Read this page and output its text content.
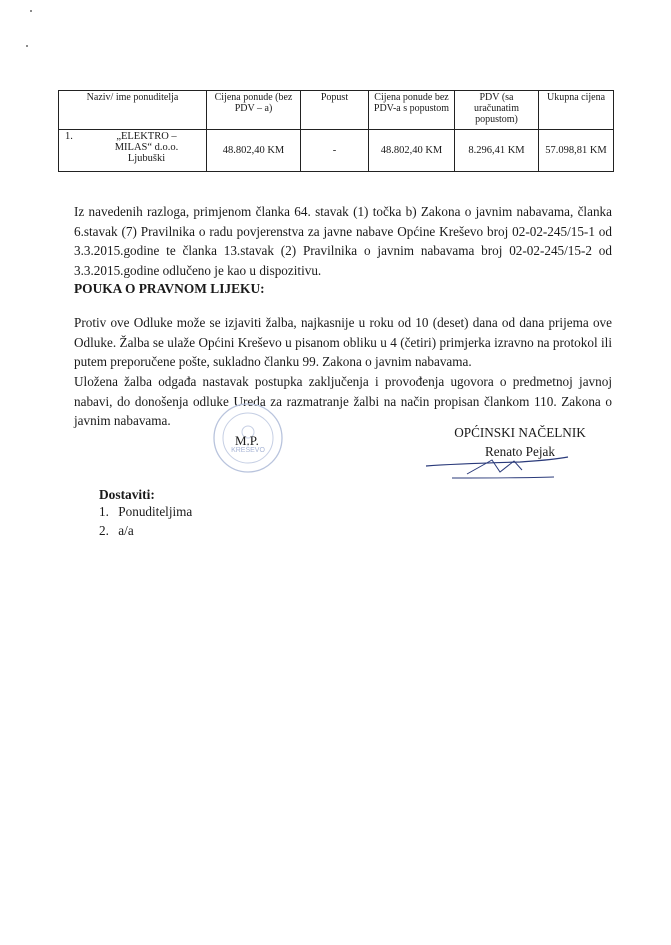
Naziv/ ime ponuditelja	Cijena ponude (bez PDV – a)	Popust	Cijena ponude bez PDV-a s popustom	PDV (sa uračunatim popustom)	Ukupna cijena

1. „ELEKTRO – MILAS“ d.o.o. Ljubuški	48.802,40 KM	-	48.802,40 KM	8.296,41 KM	57.098,81 KM

Iz navedenih razloga, primjenom članka 64. stavak (1) točka b) Zakona o javnim nabavama, članka 6.stavak (7) Pravilnika o radu povjerenstva za javne nabave Općine Kreševo broj 02-02-245/15-1 od 3.3.2015.godine te članka 13.stavak (2) Pravilnika o javnim nabavama broj 02-02-245/15-2 od 3.3.2015.godine odlučeno je kao u dispozitivu.

POUKA O PRAVNOM LIJEKU:

Protiv ove Odluke može se izjaviti žalba, najkasnije u roku od 10 (deset) dana od dana prijema ove Odluke. Žalba se ulaže Općini Kreševo u pisanom obliku u 4 (četiri) primjerka izravno na protokol ili putem preporučene pošte, sukladno članku 99. Zakona o javnim nabavama.

Uložena žalba odgađa nastavak postupka zaključenja i provođenja ugovora o predmetnoj javnoj nabavi, do donošenja odluke Ureda za razmatranje žalbi na način propisan člankom 110. Zakona o javnim nabavama.

KREŠEVO
M.P.
OPĆINSKI NAČELNIK
Renato Pejak
Dostaviti:
1. Ponuditeljima
2. a/a
